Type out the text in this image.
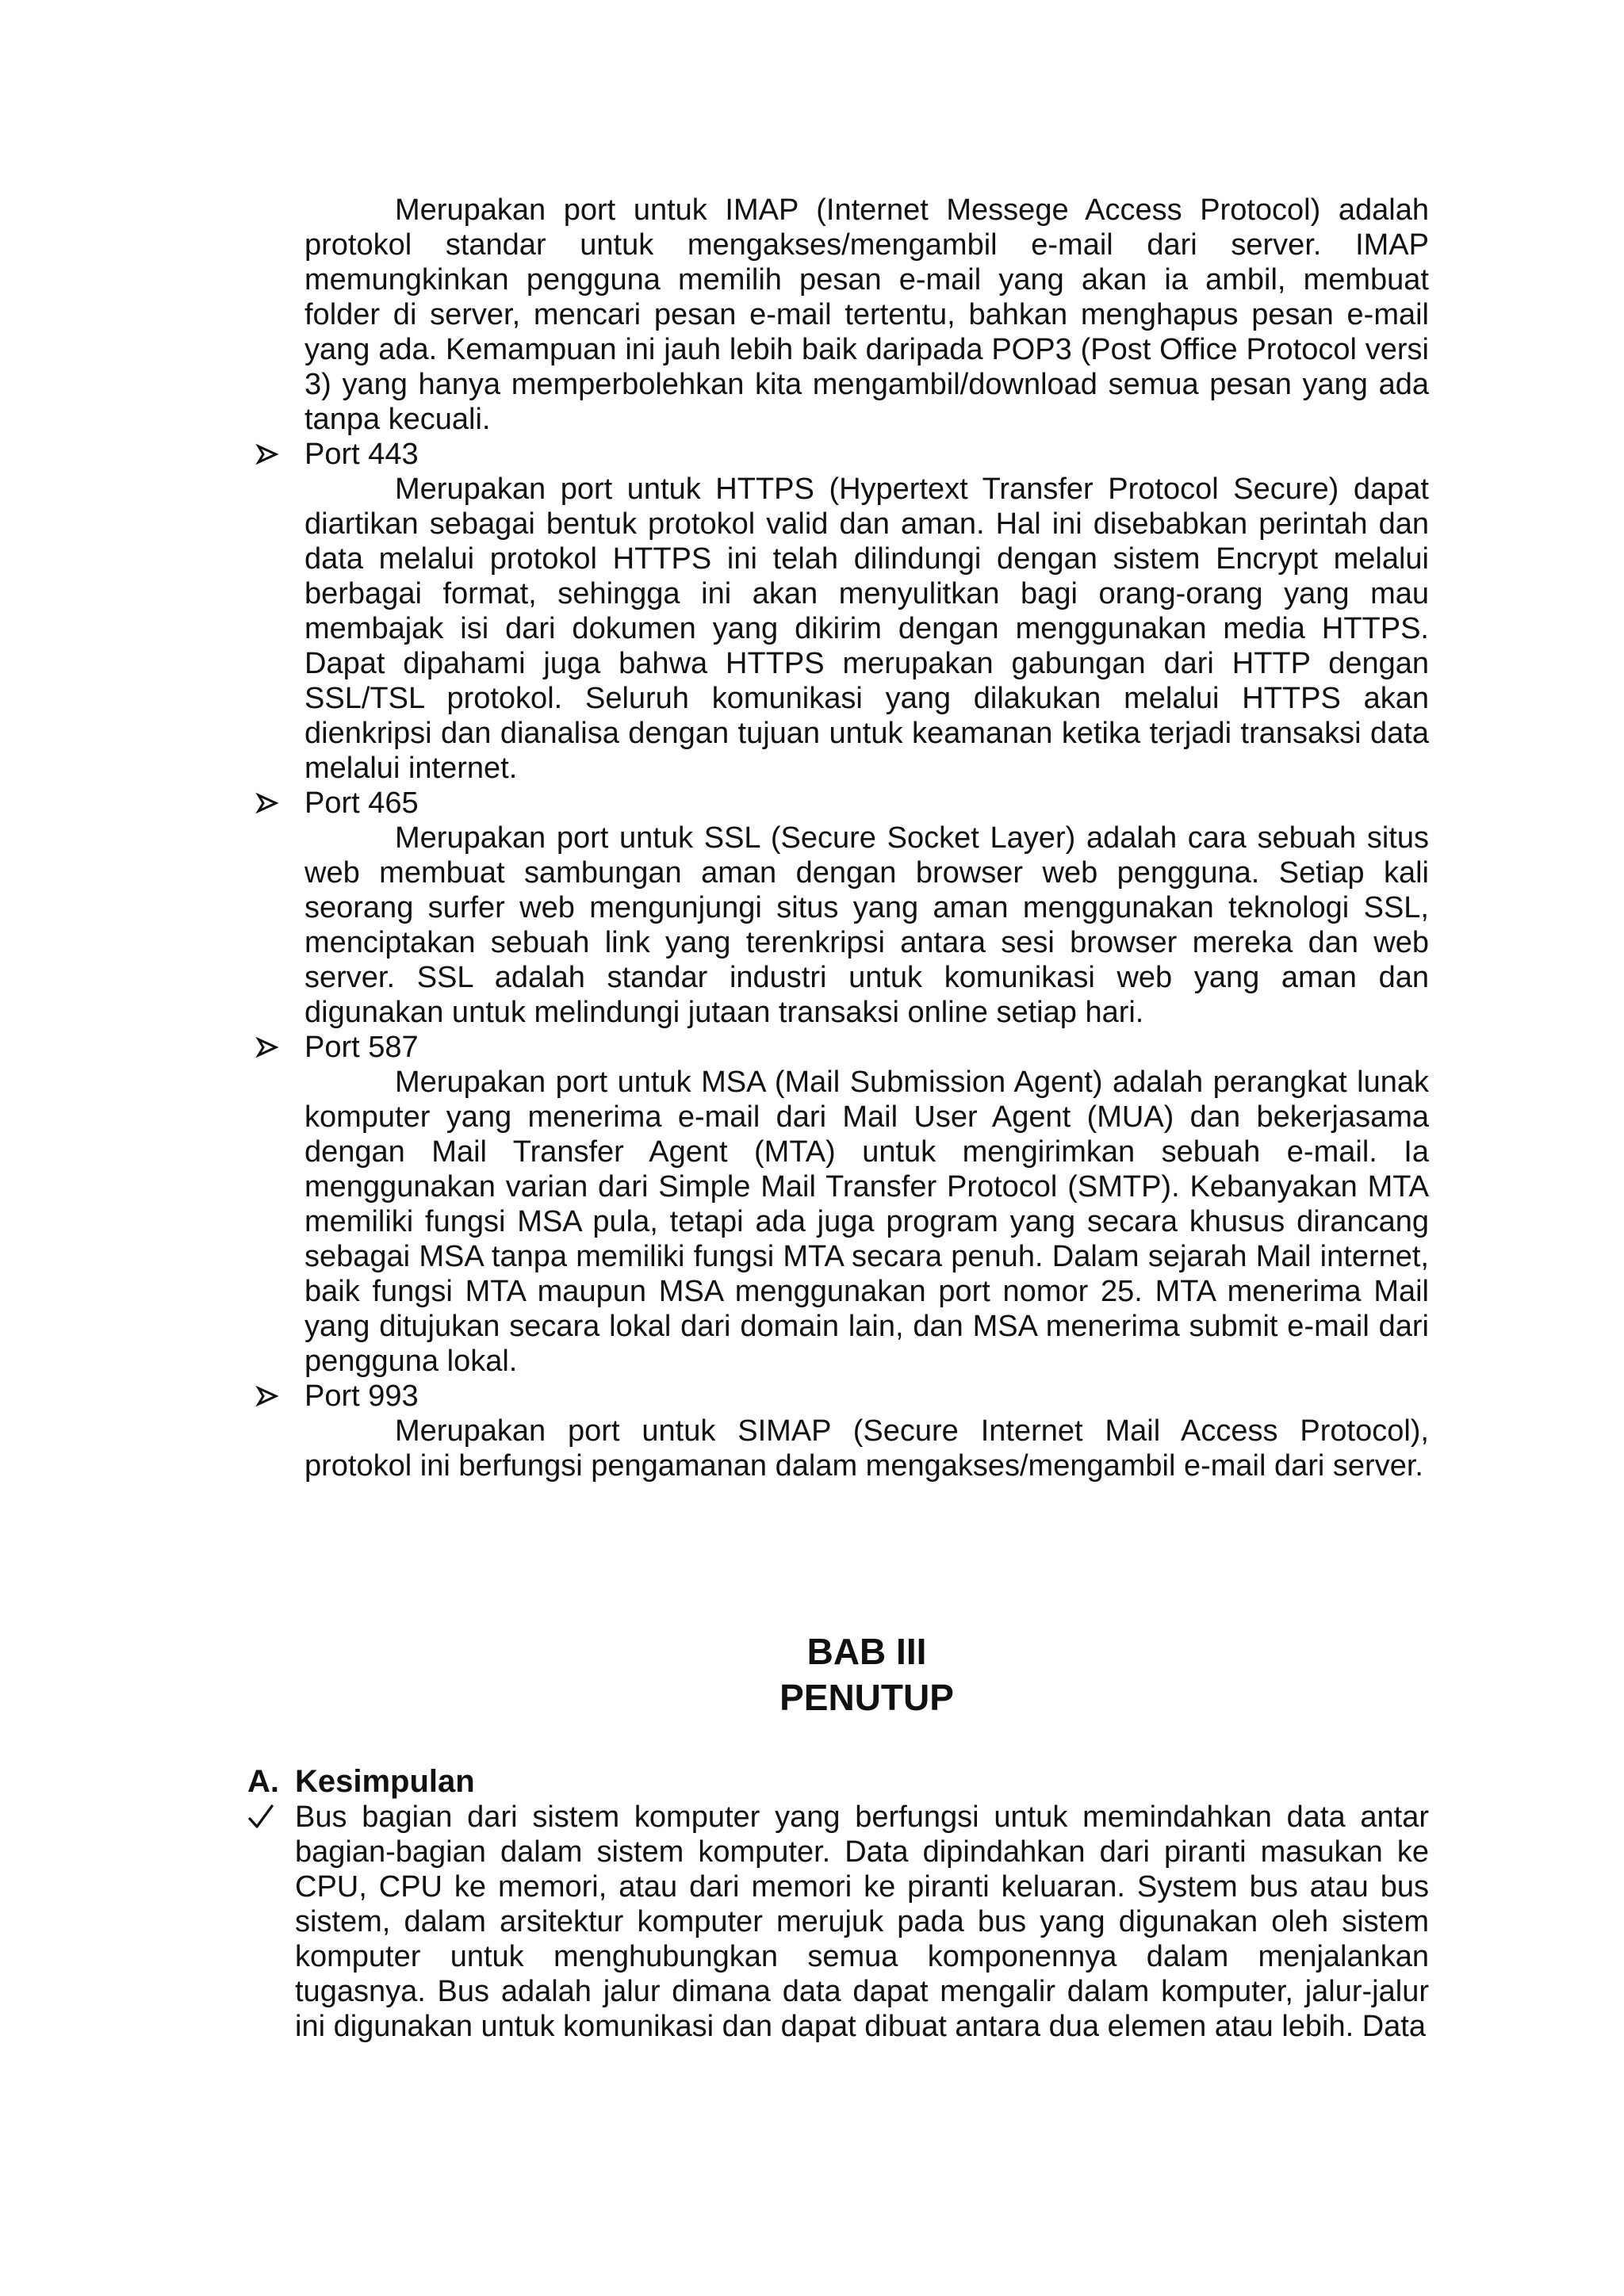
Merupakan port untuk IMAP (Internet Messege Access Protocol) adalah protokol standar untuk mengakses/mengambil e-mail dari server. IMAP memungkinkan pengguna memilih pesan e-mail yang akan ia ambil, membuat folder di server, mencari pesan e-mail tertentu, bahkan menghapus pesan e-mail yang ada. Kemampuan ini jauh lebih baik daripada POP3 (Post Office Protocol versi 3) yang hanya memperbolehkan kita mengambil/download semua pesan yang ada tanpa kecuali.

Port 443

Merupakan port untuk HTTPS (Hypertext Transfer Protocol Secure) dapat diartikan sebagai bentuk protokol valid dan aman. Hal ini disebabkan perintah dan data melalui protokol HTTPS ini telah dilindungi dengan sistem Encrypt melalui berbagai format, sehingga ini akan menyulitkan bagi orang-orang yang mau membajak isi dari dokumen yang dikirim dengan menggunakan media HTTPS. Dapat dipahami juga bahwa HTTPS merupakan gabungan dari HTTP dengan SSL/TSL protokol. Seluruh komunikasi yang dilakukan melalui HTTPS akan dienkripsi dan dianalisa dengan tujuan untuk keamanan ketika terjadi transaksi data melalui internet.

Port 465

Merupakan port untuk SSL (Secure Socket Layer) adalah cara sebuah situs web membuat sambungan aman dengan browser web pengguna. Setiap kali seorang surfer web mengunjungi situs yang aman menggunakan teknologi SSL, menciptakan sebuah link yang terenkripsi antara sesi browser mereka dan web server. SSL adalah standar industri untuk komunikasi web yang aman dan digunakan untuk melindungi jutaan transaksi online setiap hari.

Port 587

Merupakan port untuk MSA (Mail Submission Agent) adalah perangkat lunak komputer yang menerima e-mail dari Mail User Agent (MUA) dan bekerjasama dengan Mail Transfer Agent (MTA) untuk mengirimkan sebuah e-mail. Ia menggunakan varian dari Simple Mail Transfer Protocol (SMTP). Kebanyakan MTA memiliki fungsi MSA pula, tetapi ada juga program yang secara khusus dirancang sebagai MSA tanpa memiliki fungsi MTA secara penuh. Dalam sejarah Mail internet, baik fungsi MTA maupun MSA menggunakan port nomor 25. MTA menerima Mail yang ditujukan secara lokal dari domain lain, dan MSA menerima submit e-mail dari pengguna lokal.

Port 993

Merupakan port untuk SIMAP (Secure Internet Mail Access Protocol), protokol ini berfungsi pengamanan dalam mengakses/mengambil e-mail dari server.

BAB III

PENUTUP

A. Kesimpulan

Bus bagian dari sistem komputer yang berfungsi untuk memindahkan data antar bagian-bagian dalam sistem komputer. Data dipindahkan dari piranti masukan ke CPU, CPU ke memori, atau dari memori ke piranti keluaran. System bus atau bus sistem, dalam arsitektur komputer merujuk pada bus yang digunakan oleh sistem komputer untuk menghubungkan semua komponennya dalam menjalankan tugasnya. Bus adalah jalur dimana data dapat mengalir dalam komputer, jalur-jalur ini digunakan untuk komunikasi dan dapat dibuat antara dua elemen atau lebih. Data
